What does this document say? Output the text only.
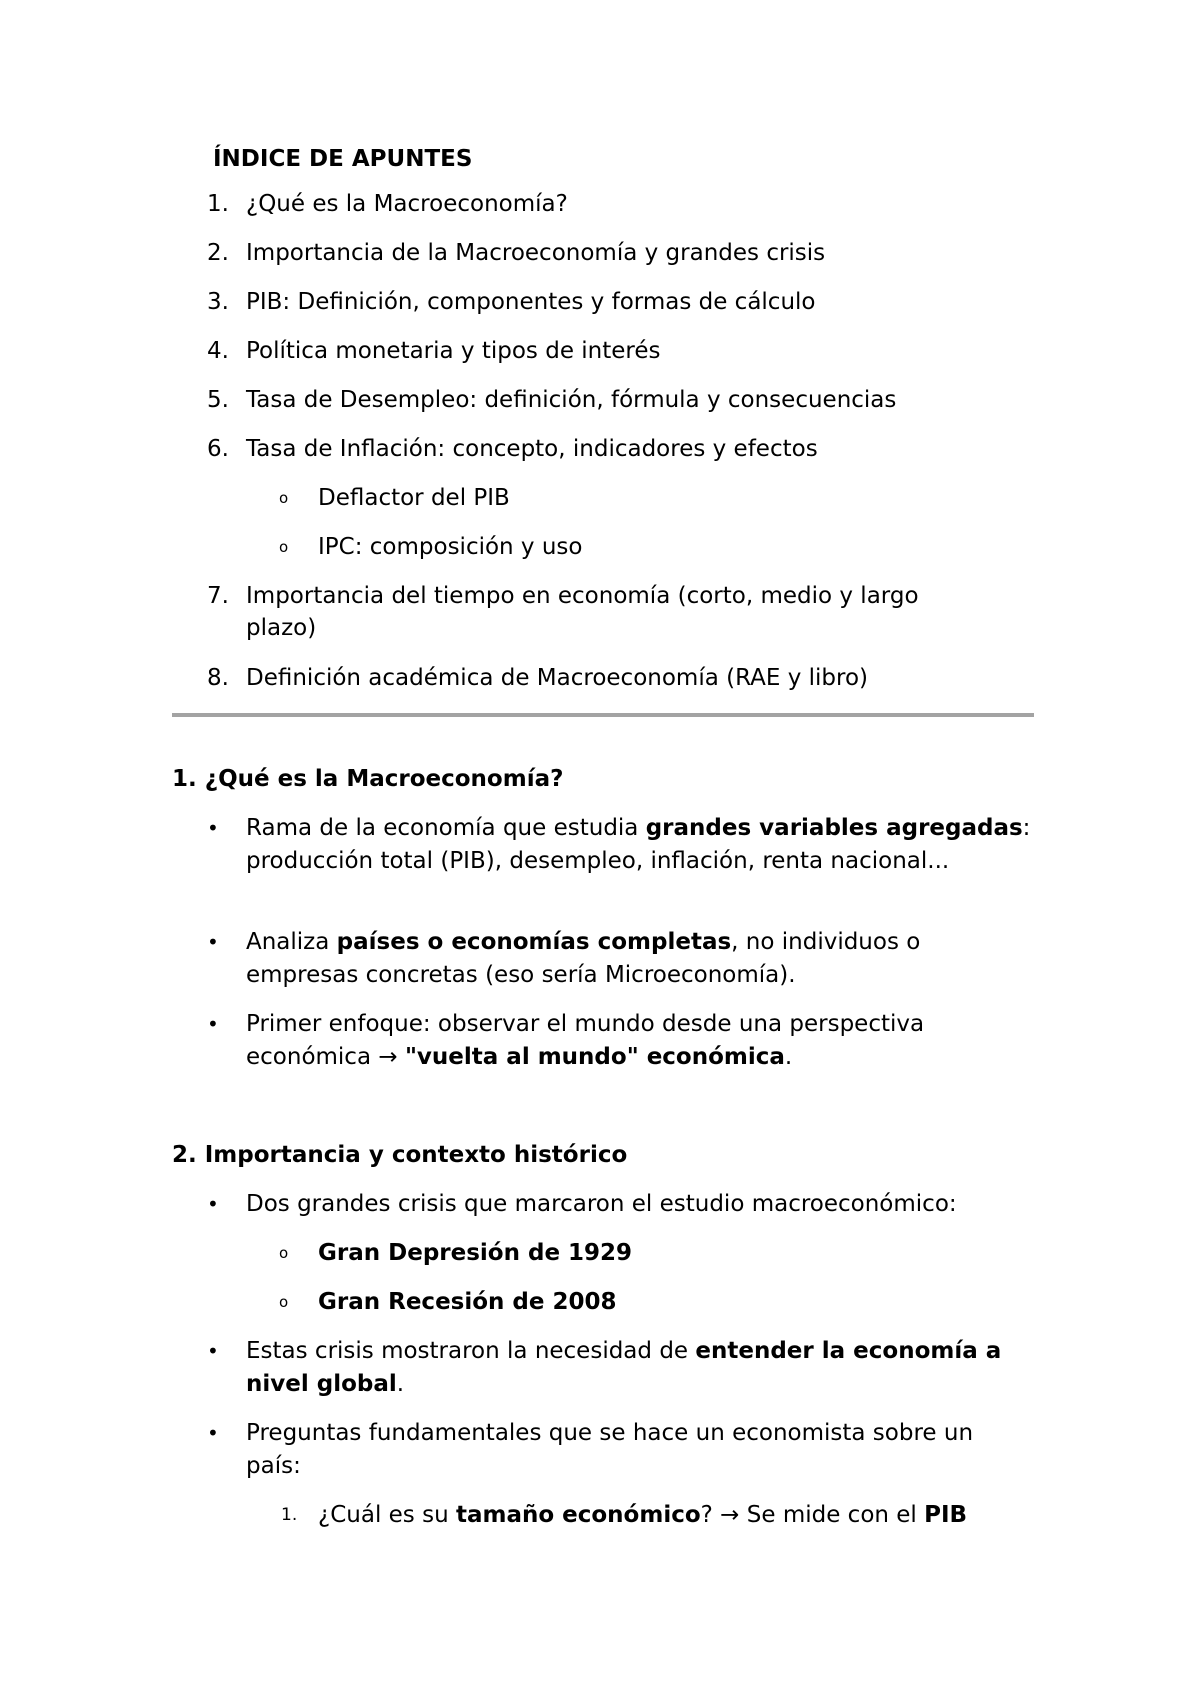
ÍNDICE DE APUNTES
1. ¿Qué es la Macroeconomía?
2. Importancia de la Macroeconomía y grandes crisis
3. PIB: Definición, componentes y formas de cálculo
4. Política monetaria y tipos de interés
5. Tasa de Desempleo: definición, fórmula y consecuencias
6. Tasa de Inflación: concepto, indicadores y efectos
o Deflactor del PIB
o IPC: composición y uso
7. Importancia del tiempo en economía (corto, medio y largo plazo)
8. Definición académica de Macroeconomía (RAE y libro)
1. ¿Qué es la Macroeconomía?
• Rama de la economía que estudia grandes variables agregadas: producción total (PIB), desempleo, inflación, renta nacional...
• Analiza países o economías completas, no individuos o empresas concretas (eso sería Microeconomía).
• Primer enfoque: observar el mundo desde una perspectiva económica → "vuelta al mundo" económica.
2. Importancia y contexto histórico
• Dos grandes crisis que marcaron el estudio macroeconómico:
o Gran Depresión de 1929
o Gran Recesión de 2008
• Estas crisis mostraron la necesidad de entender la economía a nivel global.
• Preguntas fundamentales que se hace un economista sobre un país:
1. ¿Cuál es su tamaño económico? → Se mide con el PIB
